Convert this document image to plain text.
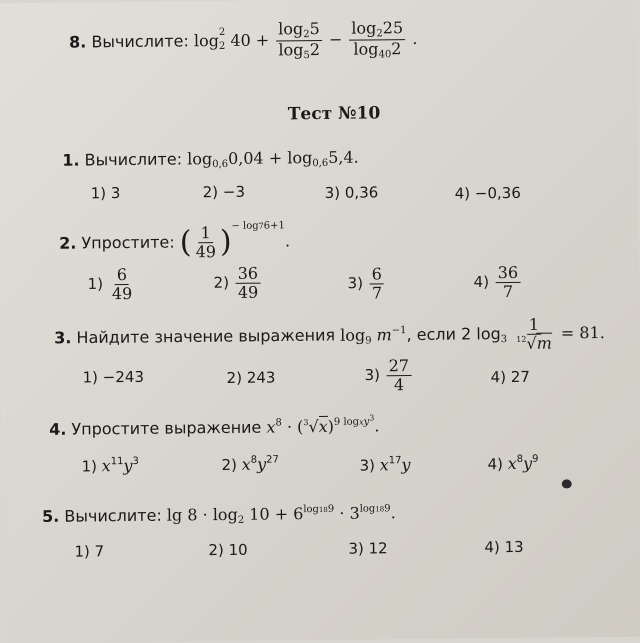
8. Вычислите: log $_{2 2}$ $40 + \frac{\log_25}{\log_52} - \frac{\log_225}{\log_{40}2}$ .
Тест №10
1. Вычислите: $\log_{0,6}0,04 + \log_{0,6}5,4$.
1) 3	2) −3	3) 0,36	4) −0,36
2. Упростите: ( $\frac{1}{49} )^{- log76+1}$.
$1) \frac{6}{49}$	$2) \frac{36}{49}$	$3) \frac{6}{7}$	$4) \frac{36}{7}$
3. Найдите значение выражения $\log_9 m^{-1}$, если 2 $\log_3 \frac{1}{^{12}√m} = 81$.
1) −243	2) 243	$3) \frac{27}{4}$	4) 27
4. Упростите выражение $x^8 \cdot (^3√x)^{9 logxy^3}$.
1) $x^{11}y^3$	2) $x^8y^{27}$	3) $x^{17}y$	4) $x^8y^9$
5. Вычислите: $\lg 8 \cdot \log_2 10 + 6^{log189} \cdot 3^{log189}$.
1) 7	2) 10	3) 12	4) 13
